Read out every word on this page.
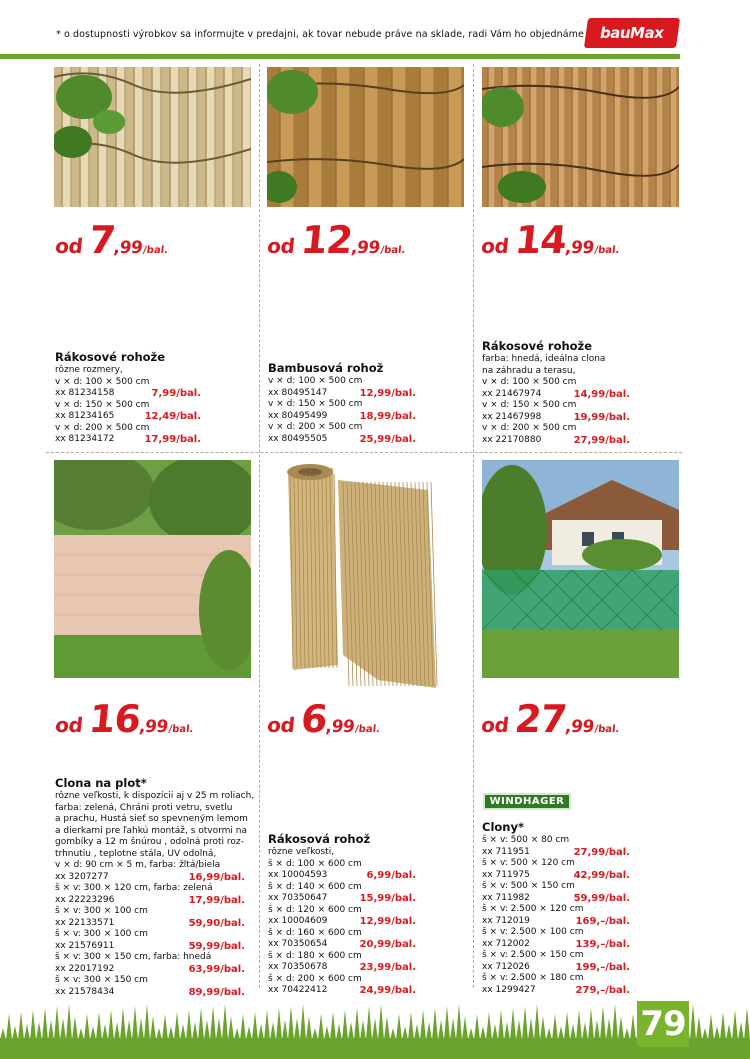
* o dostupnosti výrobkov sa informujte v predajni, ak tovar nebude práve na sklade, radi Vám ho objednáme bauMax
od 7
,99 /bal.	od 12
,99 /bal.	od 14
,99 /bal.
od 16
,99 /bal.	od 6
,99 /bal.	od 27
,99 /bal.
Rákosové rohože
rôzne rozmery,
v × d: 100 × 500 cm
xx 81234158	7,99/bal.
v × d: 150 × 500 cm
xx 81234165	12,49/bal.
v × d: 200 × 500 cm
xx 81234172	17,99/bal.
Bambusová rohož
v × d: 100 × 500 cm
xx 80495147	12,99/bal.
v × d: 150 × 500 cm
xx 80495499	18,99/bal.
v × d: 200 × 500 cm
xx 80495505	25,99/bal.
Rákosové rohože
farba: hnedá, ideálna clona
na záhradu a terasu,
v × d: 100 × 500 cm
xx 21467974	14,99/bal.
v × d: 150 × 500 cm
xx 21467998	19,99/bal.
v × d: 200 × 500 cm
xx 22170880	27,99/bal.
Clona na plot*
rôzne veľkosti, k dispozícii aj v 25 m roliach,
farba: zelená, Chráni proti vetru, svetlu
a prachu, Hustá sieť so spevneným lemom
a dierkami pre ľahkú montáž, s otvormi na
gombíky a 12 m šnúrou , odolná proti roz-
trhnutiu , teplotne stála, UV odolná,
v × d: 90 cm × 5 m, farba: žltá/biela
xx 3207277	16,99/bal.
š × v: 300 × 120 cm, farba: zelená
xx 22223296	17,99/bal.
š × v: 300 × 100 cm
xx 22133571	59,90/bal.
š × v: 300 × 100 cm
xx 21576911	59,99/bal.
š × v: 300 × 150 cm, farba: hnedá
xx 22017192	63,99/bal.
š × v: 300 × 150 cm
xx 21578434	89,99/bal.
Rákosová rohož
rôzne veľkosti,
š × d: 100 × 600 cm
xx 10004593	6,99/bal.
š × d: 140 × 600 cm
xx 70350647	15,99/bal.
š × d: 120 × 600 cm
xx 10004609	12,99/bal.
š × d: 160 × 600 cm
xx 70350654	20,99/bal.
š × d: 180 × 600 cm
xx 70350678	23,99/bal.
š × d: 200 × 600 cm
xx 70422412	24,99/bal.
WINDHAGER
Clony*
š × v: 500 × 80 cm
xx 711951	27,99/bal.
š × v: 500 × 120 cm
xx 711975	42,99/bal.
š × v: 500 × 150 cm
xx 711982	59,99/bal.
š × v: 2.500 × 120 cm
xx 712019	169,–/bal.
š × v: 2.500 × 100 cm
xx 712002	139,–/bal.
š × v: 2.500 × 150 cm
xx 712026	199,–/bal.
š × v: 2.500 × 180 cm
xx 1299427	279,–/bal.
79
